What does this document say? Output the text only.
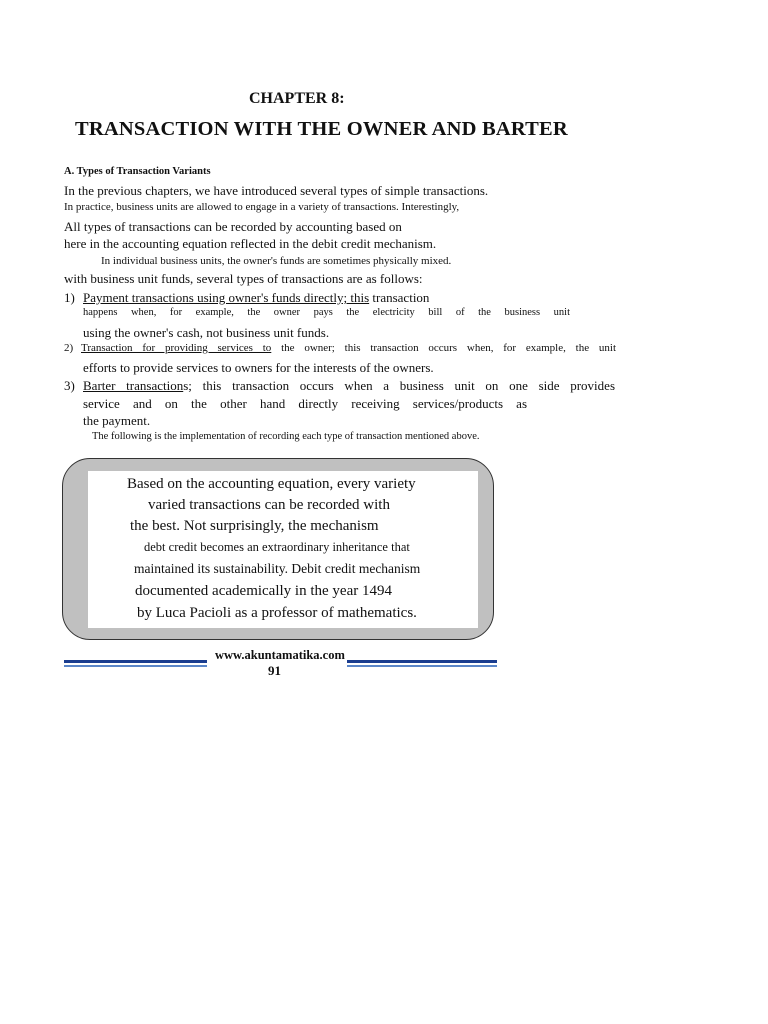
CHAPTER 8:
TRANSACTION WITH THE OWNER AND BARTER
A. Types of Transaction Variants
In the previous chapters, we have introduced several types of simple transactions.
In practice, business units are allowed to engage in a variety of transactions. Interestingly,
All types of transactions can be recorded by accounting based on
here in the accounting equation reflected in the debit credit mechanism.
In individual business units, the owner's funds are sometimes physically mixed.
with business unit funds, several types of transactions are as follows:
1) Payment transactions using owner's funds directly; this transaction
happens when, for example, the owner pays the electricity bill of the business unit
using the owner's cash, not business unit funds.
2) Transaction for providing services to the owner; this transaction occurs when, for example, the unit
efforts to provide services to owners for the interests of the owners.
3) Barter transactions; this transaction occurs when a business unit on one side provides
service and on the other hand directly receiving services/products as
the payment.
The following is the implementation of recording each type of transaction mentioned above.
Based on the accounting equation, every variety
varied transactions can be recorded with
the best. Not surprisingly, the mechanism
debt credit becomes an extraordinary inheritance that
maintained its sustainability. Debit credit mechanism
documented academically in the year 1494
by Luca Pacioli as a professor of mathematics.
www.akuntamatika.com
91
